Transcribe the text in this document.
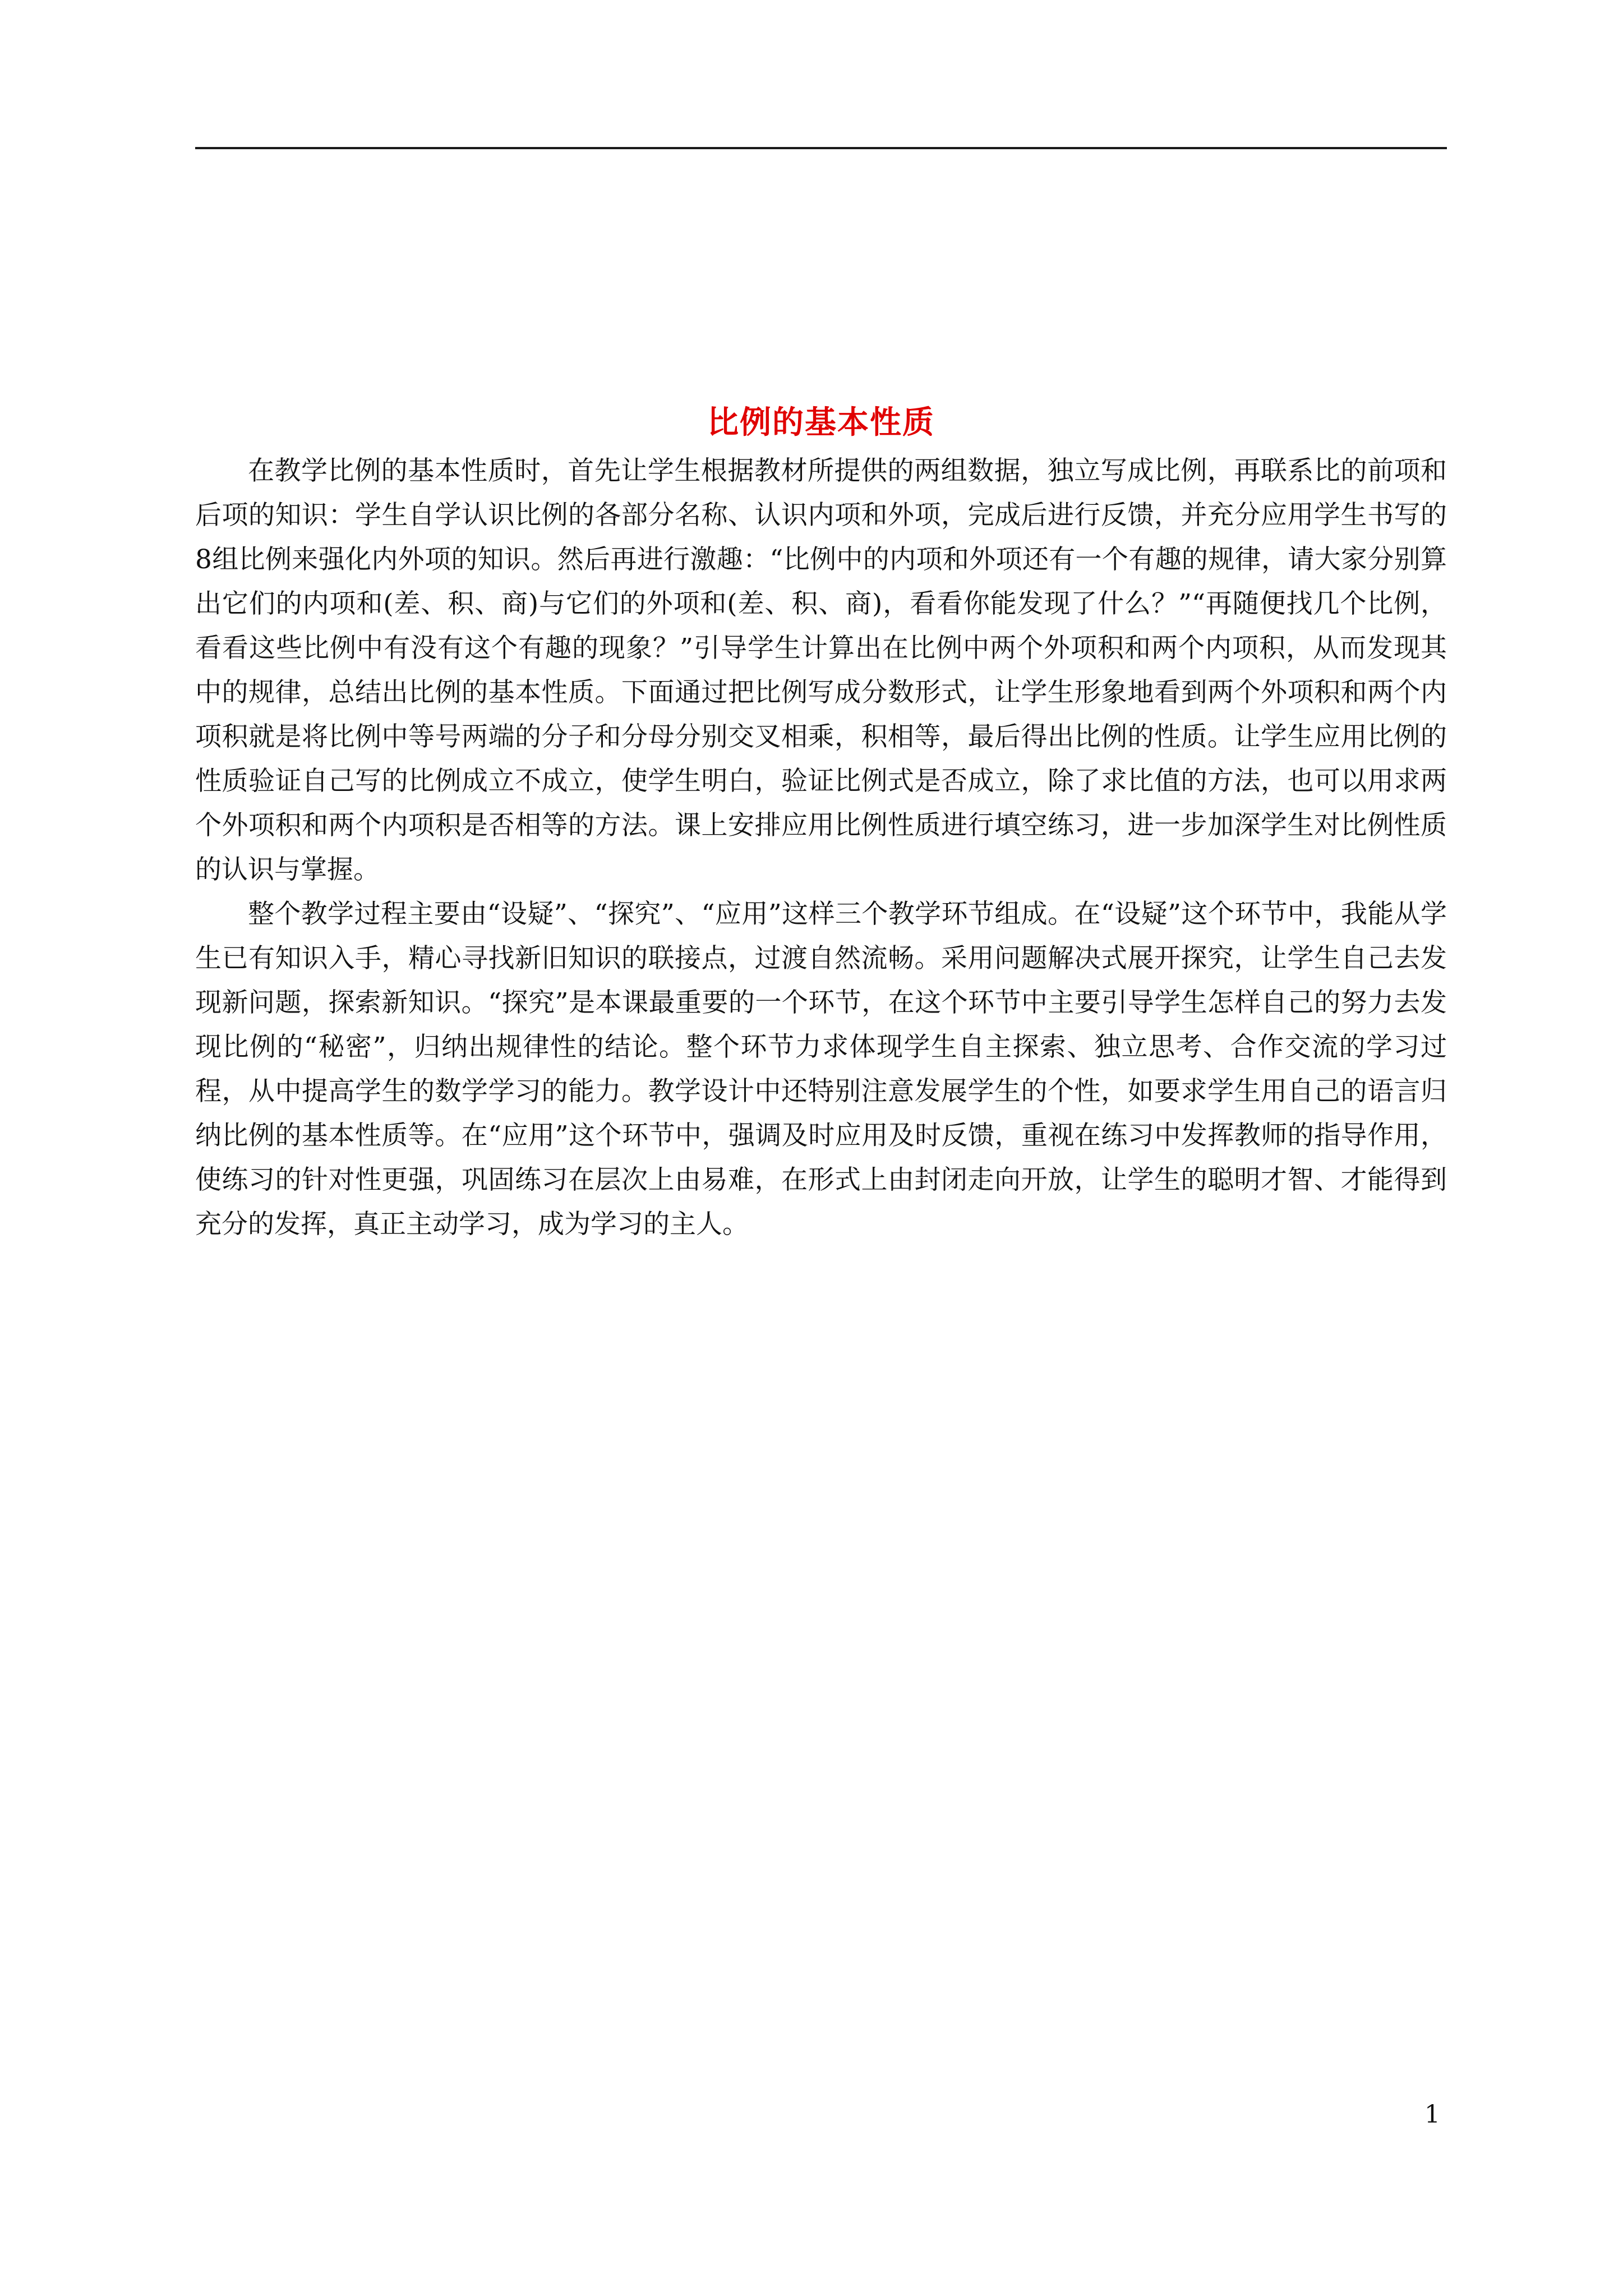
比例的基本性质

在教学比例的基本性质时，首先让学生根据教材所提供的两组数据，独立写成比例，再联系比的前项和后项的知识：学生自学认识比例的各部分名称、认识内项和外项，完成后进行反馈，并充分应用学生书写的8组比例来强化内外项的知识。然后再进行激趣：“比例中的内项和外项还有一个有趣的规律，请大家分别算出它们的内项和(差、积、商)与它们的外项和(差、积、商)，看看你能发现了什么？”“再随便找几个比例，看看这些比例中有没有这个有趣的现象？”引导学生计算出在比例中两个外项积和两个内项积，从而发现其中的规律，总结出比例的基本性质。下面通过把比例写成分数形式，让学生形象地看到两个外项积和两个内项积就是将比例中等号两端的分子和分母分别交叉相乘，积相等，最后得出比例的性质。让学生应用比例的性质验证自己写的比例成立不成立，使学生明白，验证比例式是否成立，除了求比值的方法，也可以用求两个外项积和两个内项积是否相等的方法。课上安排应用比例性质进行填空练习，进一步加深学生对比例性质的认识与掌握。

整个教学过程主要由“设疑”、“探究”、“应用”这样三个教学环节组成。在“设疑”这个环节中，我能从学生已有知识入手，精心寻找新旧知识的联接点，过渡自然流畅。采用问题解决式展开探究，让学生自己去发现新问题，探索新知识。“探究”是本课最重要的一个环节，在这个环节中主要引导学生怎样自己的努力去发现比例的“秘密”，归纳出规律性的结论。整个环节力求体现学生自主探索、独立思考、合作交流的学习过程，从中提高学生的数学学习的能力。教学设计中还特别注意发展学生的个性，如要求学生用自己的语言归纳比例的基本性质等。在“应用”这个环节中，强调及时应用及时反馈，重视在练习中发挥教师的指导作用，使练习的针对性更强，巩固练习在层次上由易难，在形式上由封闭走向开放，让学生的聪明才智、才能得到充分的发挥，真正主动学习，成为学习的主人。

1
